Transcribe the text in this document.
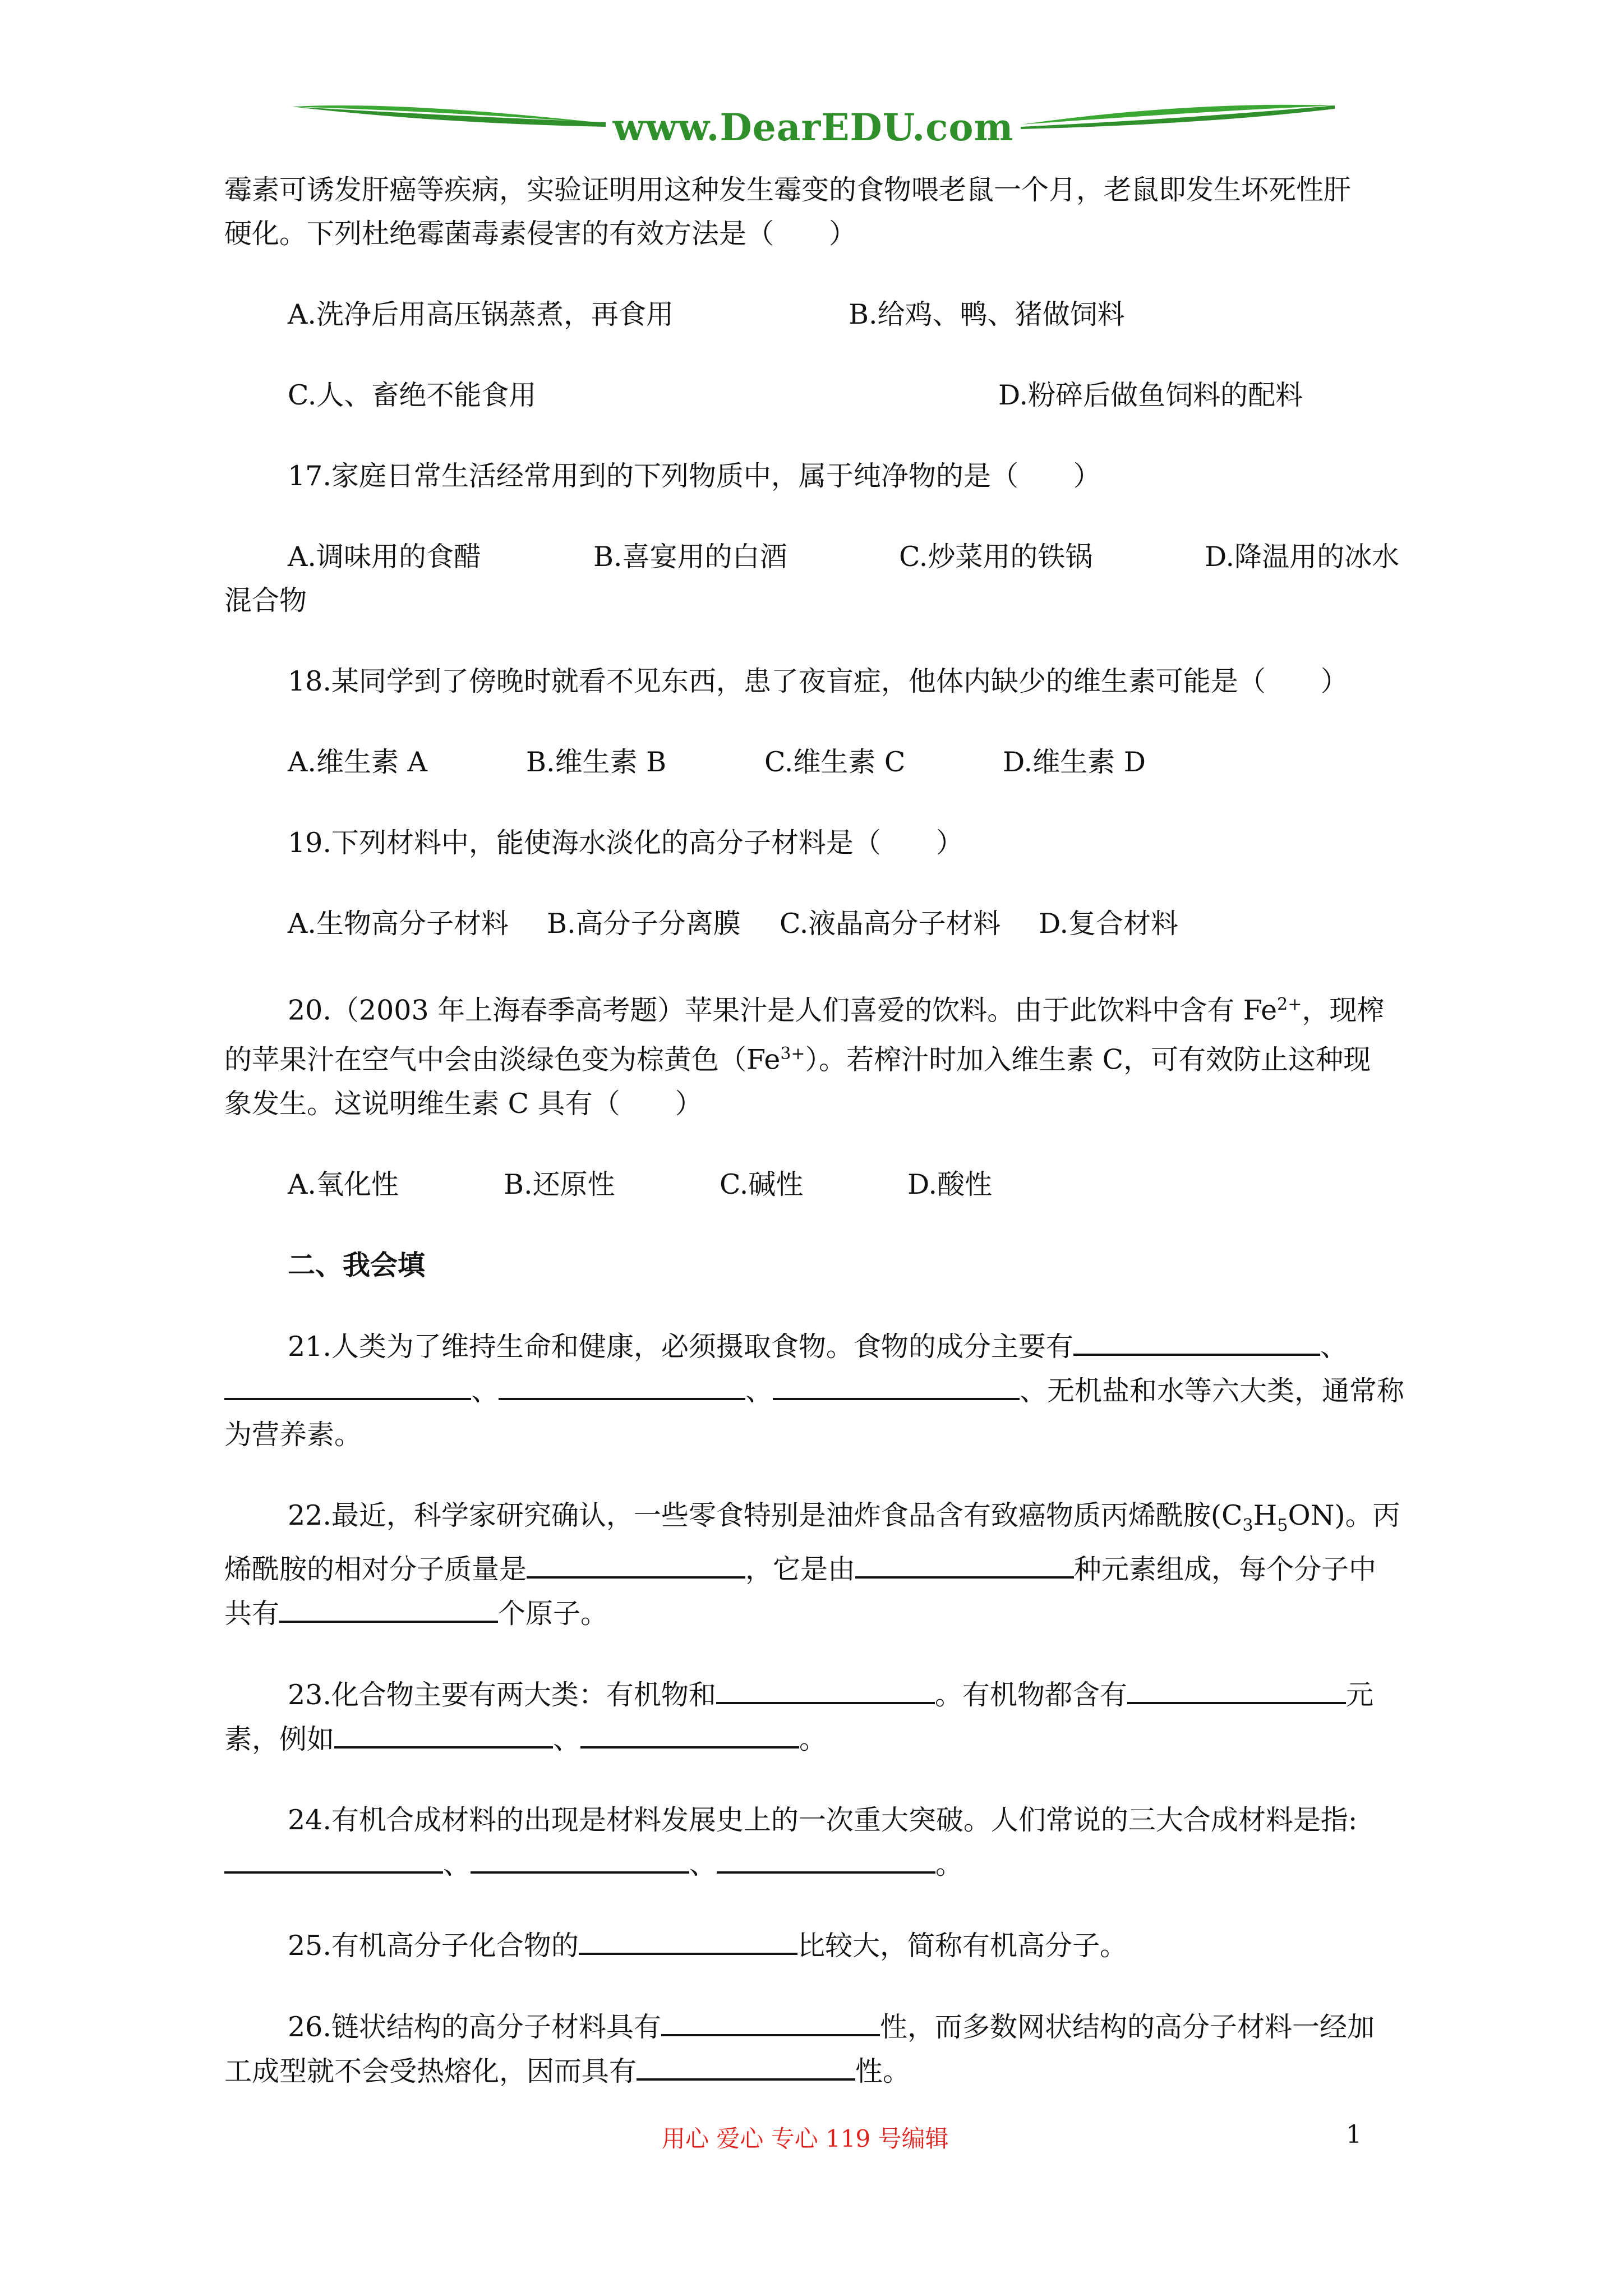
www.DearEDU.com

霉素可诱发肝癌等疾病，实验证明用这种发生霉变的食物喂老鼠一个月，老鼠即发生坏死性肝

硬化。下列杜绝霉菌毒素侵害的有效方法是（　　）

A.洗净后用高压锅蒸煮，再食用	B.给鸡、鸭、猪做饲料
C.人、畜绝不能食用	D.粉碎后做鱼饲料的配料

17.家庭日常生活经常用到的下列物质中，属于纯净物的是（　　）

A.调味用的食醋	B.喜宴用的白酒	C.炒菜用的铁锅	D.降温用的冰水

混合物

18.某同学到了傍晚时就看不见东西，患了夜盲症，他体内缺少的维生素可能是（　　）

A.维生素 A	B.维生素 B	C.维生素 C	D.维生素 D

19.下列材料中，能使海水淡化的高分子材料是（　　）

A.生物高分子材料	B.高分子分离膜	C.液晶高分子材料	D.复合材料

20.（2003 年上海春季高考题）苹果汁是人们喜爱的饮料。由于此饮料中含有 $Fe^{2+}$，现榨

的苹果汁在空气中会由淡绿色变为棕黄色$(Fe^{3+})$。若榨汁时加入维生素 C，可有效防止这种现

象发生。这说明维生素 C 具有（　　）

A.氧化性	B.还原性	C.碱性	D.酸性

二、我会填

21.人类为了维持生命和健康，必须摄取食物。食物的成分主要有	、

、	、	、无机盐和水等六大类，通常称

为营养素。

22.最近，科学家研究确认，一些零食特别是油炸食品含有致癌物质丙烯酰胺$(C_3H_5ON)$。丙

烯酰胺的相对分子质量是	，它是由	种元素组成，每个分子中

共有	个原子。

23.化合物主要有两大类：有机物和	。有机物都含有	元

素，例如	、	。

24.有机合成材料的出现是材料发展史上的一次重大突破。人们常说的三大合成材料是指:

、	、	。

25.有机高分子化合物的	比较大，简称有机高分子。

26.链状结构的高分子材料具有	性，而多数网状结构的高分子材料一经加

工成型就不会受热熔化，因而具有	性。

用心 爱心 专心 119 号编辑	1
